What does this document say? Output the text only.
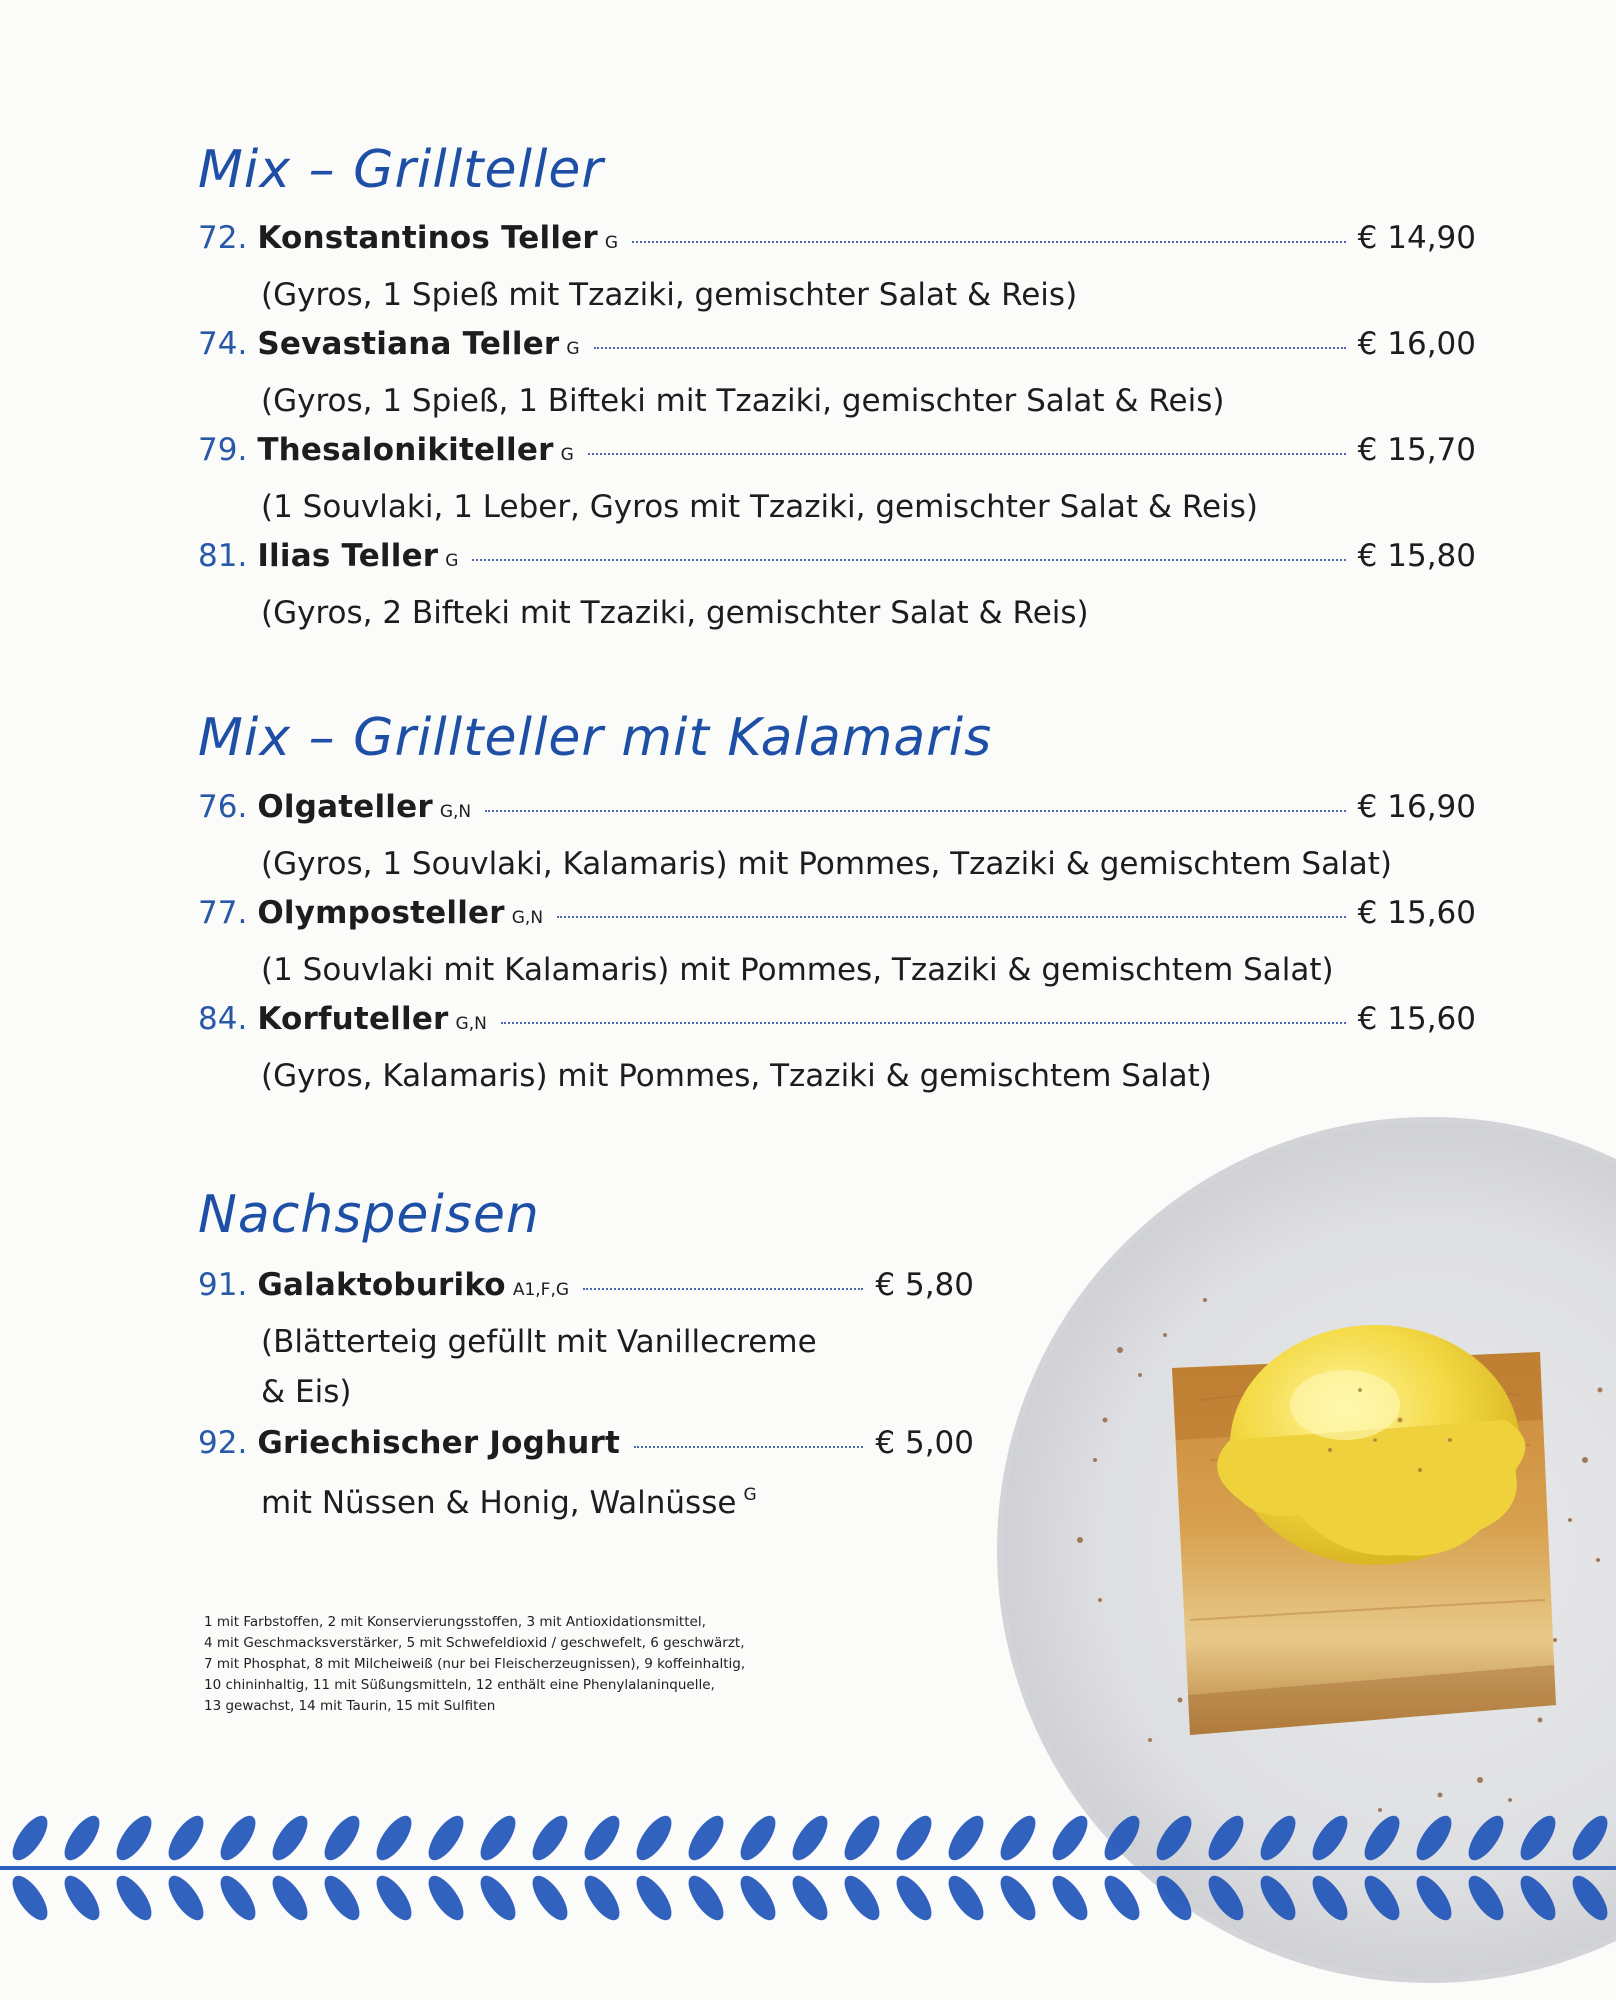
Mix – Grillteller
72. Konstantinos Teller G	€ 14,90
(Gyros, 1 Spieß mit Tzaziki, gemischter Salat & Reis)
74. Sevastiana Teller G	€ 16,00
(Gyros, 1 Spieß, 1 Bifteki mit Tzaziki, gemischter Salat & Reis)
79. Thesalonikiteller G	€ 15,70
(1 Souvlaki, 1 Leber, Gyros mit Tzaziki, gemischter Salat & Reis)
81. Ilias Teller G	€ 15,80
(Gyros, 2 Bifteki mit Tzaziki, gemischter Salat & Reis)
Mix – Grillteller mit Kalamaris
76. Olgateller G,N	€ 16,90
(Gyros, 1 Souvlaki, Kalamaris) mit Pommes, Tzaziki & gemischtem Salat)
77. Olymposteller G,N	€ 15,60
(1 Souvlaki mit Kalamaris) mit Pommes, Tzaziki & gemischtem Salat)
84. Korfuteller G,N	€ 15,60
(Gyros, Kalamaris) mit Pommes, Tzaziki & gemischtem Salat)
Nachspeisen
91. Galaktoburiko A1,F,G	€ 5,80
(Blätterteig gefüllt mit Vanillecreme
& Eis)
92. Griechischer Joghurt	€ 5,00
mit Nüssen & Honig, Walnüsse $^G$
1 mit Farbstoffen, 2 mit Konservierungsstoffen, 3 mit Antioxidationsmittel,
4 mit Geschmacksverstärker, 5 mit Schwefeldioxid / geschwefelt, 6 geschwärzt,
7 mit Phosphat, 8 mit Milcheiweiß (nur bei Fleischerzeugnissen), 9 koffeinhaltig,
10 chininhaltig, 11 mit Süßungsmitteln, 12 enthält eine Phenylalaninquelle,
13 gewachst, 14 mit Taurin, 15 mit Sulfiten
